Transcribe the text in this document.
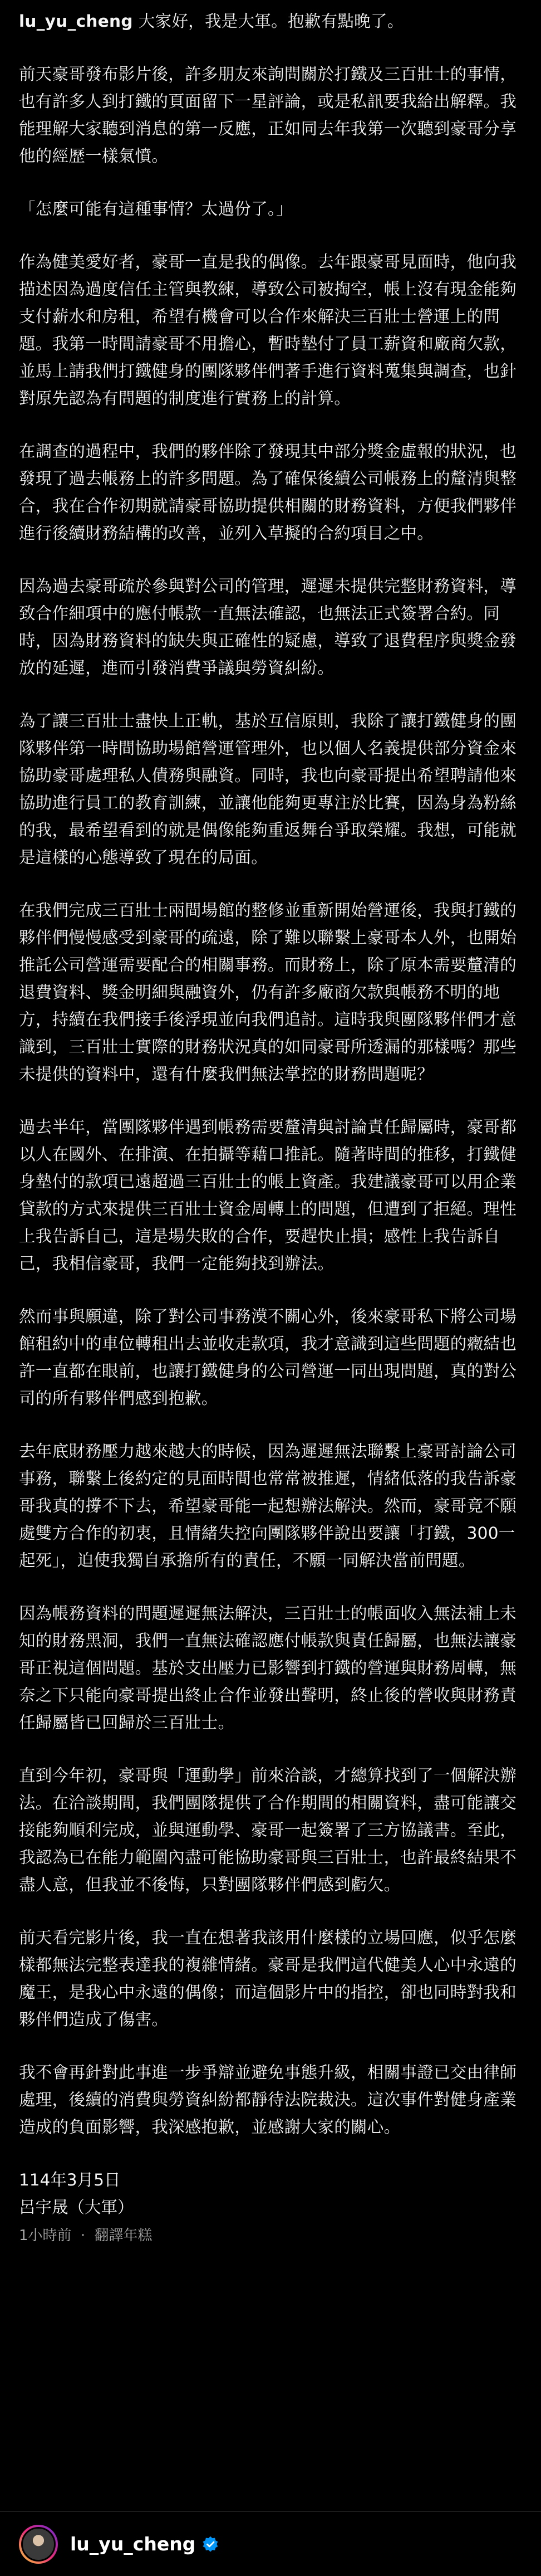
lu_yu_cheng 大家好，我是大軍。抱歉有點晚了。

前天豪哥發布影片後，許多朋友來詢問關於打鐵及三百壯士的事情，也有許多人到打鐵的頁面留下一星評論，或是私訊要我給出解釋。我能理解大家聽到消息的第一反應，正如同去年我第一次聽到豪哥分享他的經歷一樣氣憤。

「怎麼可能有這種事情？太過份了。」

作為健美愛好者，豪哥一直是我的偶像。去年跟豪哥見面時，他向我描述因為過度信任主管與教練，導致公司被掏空，帳上沒有現金能夠支付薪水和房租，希望有機會可以合作來解決三百壯士營運上的問題。我第一時間請豪哥不用擔心，暫時墊付了員工薪資和廠商欠款，並馬上請我們打鐵健身的團隊夥伴們著手進行資料蒐集與調查，也針對原先認為有問題的制度進行實務上的計算。

在調查的過程中，我們的夥伴除了發現其中部分獎金虛報的狀況，也發現了過去帳務上的許多問題。為了確保後續公司帳務上的釐清與整合，我在合作初期就請豪哥協助提供相關的財務資料，方便我們夥伴進行後續財務結構的改善，並列入草擬的合約項目之中。

因為過去豪哥疏於參與對公司的管理，遲遲未提供完整財務資料，導致合作細項中的應付帳款一直無法確認，也無法正式簽署合約。同時，因為財務資料的缺失與正確性的疑慮，導致了退費程序與獎金發放的延遲，進而引發消費爭議與勞資糾紛。

為了讓三百壯士盡快上正軌，基於互信原則，我除了讓打鐵健身的團隊夥伴第一時間協助場館營運管理外，也以個人名義提供部分資金來協助豪哥處理私人債務與融資。同時，我也向豪哥提出希望聘請他來協助進行員工的教育訓練，並讓他能夠更專注於比賽，因為身為粉絲的我，最希望看到的就是偶像能夠重返舞台爭取榮耀。我想，可能就是這樣的心態導致了現在的局面。

在我們完成三百壯士兩間場館的整修並重新開始營運後，我與打鐵的夥伴們慢慢感受到豪哥的疏遠，除了難以聯繫上豪哥本人外，也開始推託公司營運需要配合的相關事務。而財務上，除了原本需要釐清的退費資料、獎金明細與融資外，仍有許多廠商欠款與帳務不明的地方，持續在我們接手後浮現並向我們追討。這時我與團隊夥伴們才意識到，三百壯士實際的財務狀況真的如同豪哥所透漏的那樣嗎？那些未提供的資料中，還有什麼我們無法掌控的財務問題呢？

過去半年，當團隊夥伴遇到帳務需要釐清與討論責任歸屬時，豪哥都以人在國外、在排演、在拍攝等藉口推託。隨著時間的推移，打鐵健身墊付的款項已遠超過三百壯士的帳上資產。我建議豪哥可以用企業貸款的方式來提供三百壯士資金周轉上的問題，但遭到了拒絕。理性上我告訴自己，這是場失敗的合作，要趕快止損；感性上我告訴自己，我相信豪哥，我們一定能夠找到辦法。

然而事與願違，除了對公司事務漠不關心外，後來豪哥私下將公司場館租約中的車位轉租出去並收走款項，我才意識到這些問題的癥結也許一直都在眼前，也讓打鐵健身的公司營運一同出現問題，真的對公司的所有夥伴們感到抱歉。

去年底財務壓力越來越大的時候，因為遲遲無法聯繫上豪哥討論公司事務，聯繫上後約定的見面時間也常常被推遲，情緒低落的我告訴豪哥我真的撐不下去，希望豪哥能一起想辦法解決。然而，豪哥竟不願處雙方合作的初衷，且情緒失控向團隊夥伴說出要讓「打鐵，300一起死」，迫使我獨自承擔所有的責任，不願一同解決當前問題。

因為帳務資料的問題遲遲無法解決，三百壯士的帳面收入無法補上未知的財務黑洞，我們一直無法確認應付帳款與責任歸屬，也無法讓豪哥正視這個問題。基於支出壓力已影響到打鐵的營運與財務周轉，無奈之下只能向豪哥提出終止合作並發出聲明，終止後的營收與財務責任歸屬皆已回歸於三百壯士。

直到今年初，豪哥與「運動學」前來洽談，才總算找到了一個解決辦法。在洽談期間，我們團隊提供了合作期間的相關資料，盡可能讓交接能夠順利完成，並與運動學、豪哥一起簽署了三方協議書。至此，我認為已在能力範圍內盡可能協助豪哥與三百壯士，也許最終結果不盡人意，但我並不後悔，只對團隊夥伴們感到虧欠。

前天看完影片後，我一直在想著我該用什麼樣的立場回應，似乎怎麼樣都無法完整表達我的複雜情緒。豪哥是我們這代健美人心中永遠的魔王，是我心中永遠的偶像；而這個影片中的指控，卻也同時對我和夥伴們造成了傷害。

我不會再針對此事進一步爭辯並避免事態升級，相關事證已交由律師處理，後續的消費與勞資糾紛都靜待法院裁決。這次事件對健身產業造成的負面影響，我深感抱歉，並感謝大家的關心。

114年3月5日

呂宇晟（大軍）

1小時前 · 翻譯年糕
lu_yu_cheng
